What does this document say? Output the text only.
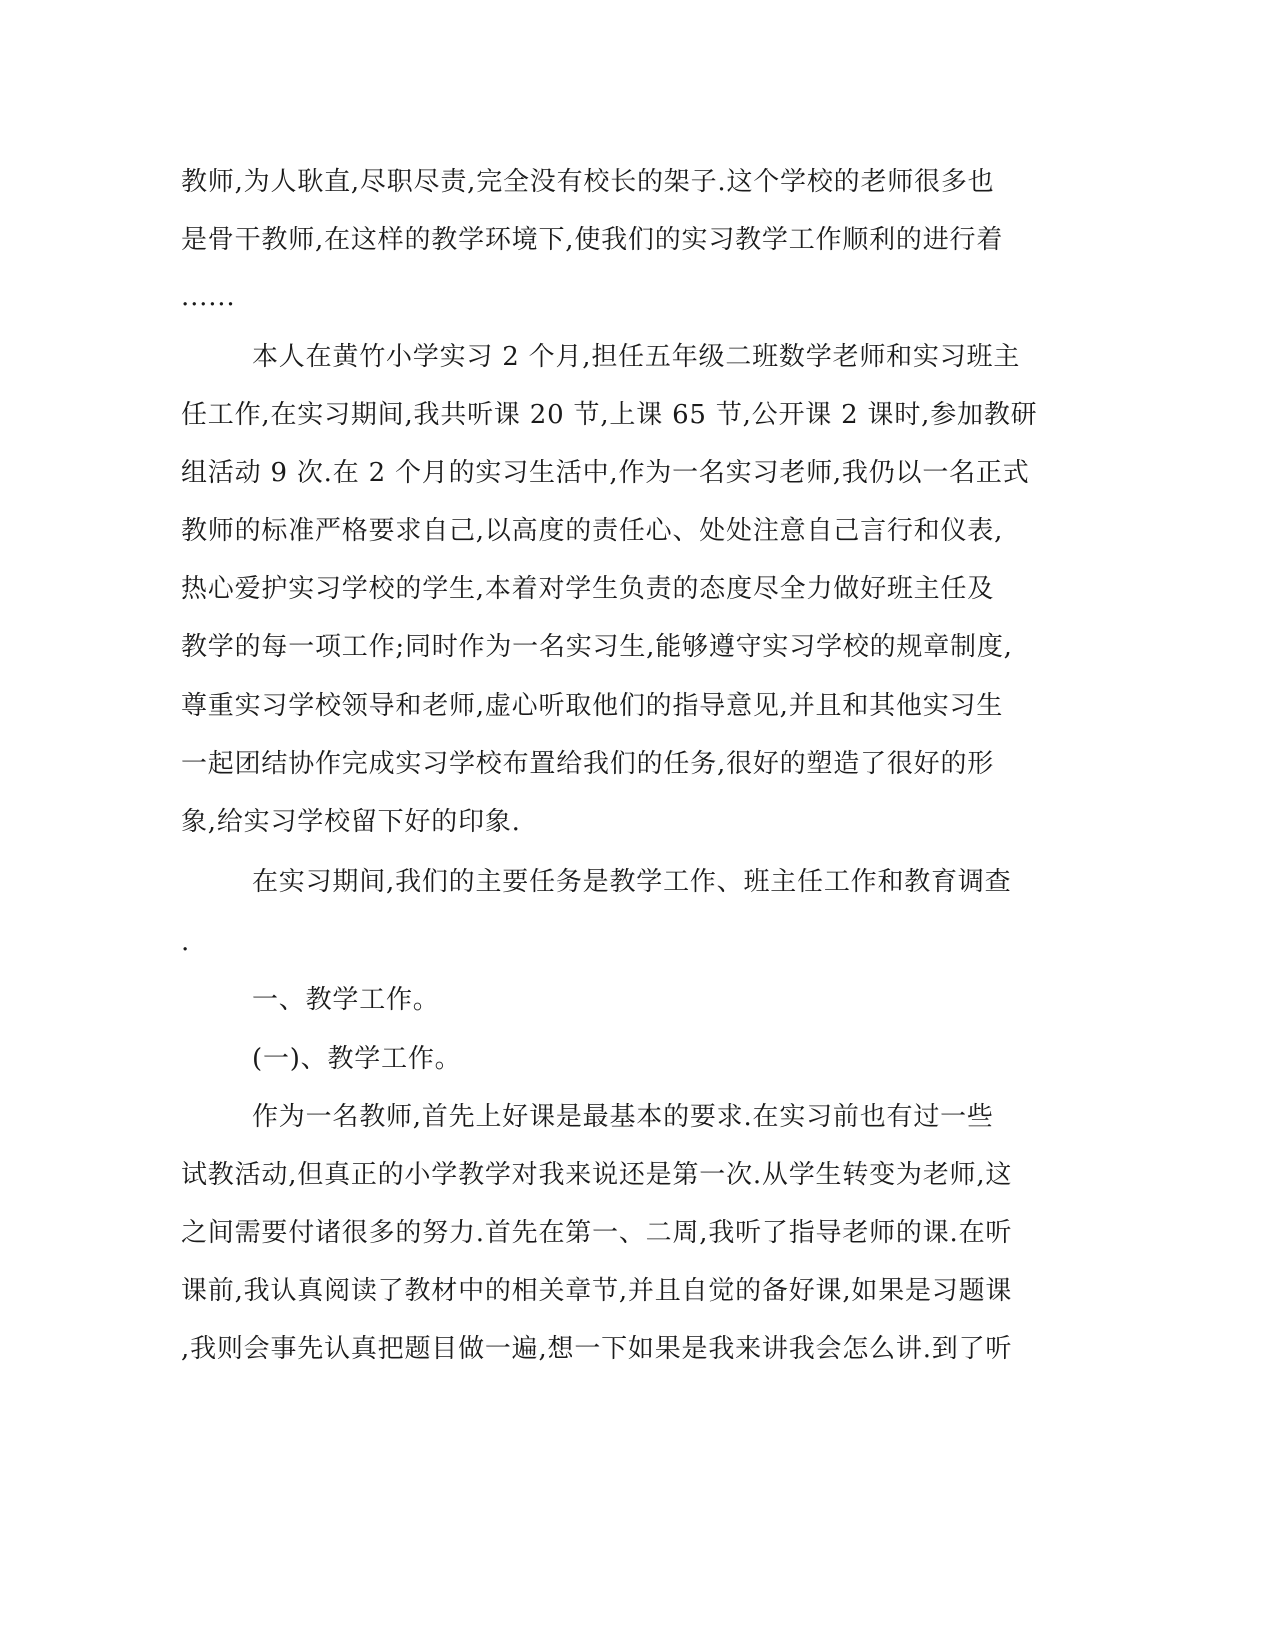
教师,为人耿直,尽职尽责,完全没有校长的架子.这个学校的老师很多也
是骨干教师,在这样的教学环境下,使我们的实习教学工作顺利的进行着
......
本人在黄竹小学实习 2 个月,担任五年级二班数学老师和实习班主
任工作,在实习期间,我共听课 20 节,上课 65 节,公开课 2 课时,参加教研
组活动 9 次.在 2 个月的实习生活中,作为一名实习老师,我仍以一名正式
教师的标准严格要求自己,以高度的责任心、处处注意自己言行和仪表,
热心爱护实习学校的学生,本着对学生负责的态度尽全力做好班主任及
教学的每一项工作;同时作为一名实习生,能够遵守实习学校的规章制度,
尊重实习学校领导和老师,虚心听取他们的指导意见,并且和其他实习生
一起团结协作完成实习学校布置给我们的任务,很好的塑造了很好的形
象,给实习学校留下好的印象.
在实习期间,我们的主要任务是教学工作、班主任工作和教育调查
.
一、教学工作。
(一)、教学工作。
作为一名教师,首先上好课是最基本的要求.在实习前也有过一些
试教活动,但真正的小学教学对我来说还是第一次.从学生转变为老师,这
之间需要付诸很多的努力.首先在第一、二周,我听了指导老师的课.在听
课前,我认真阅读了教材中的相关章节,并且自觉的备好课,如果是习题课
,我则会事先认真把题目做一遍,想一下如果是我来讲我会怎么讲.到了听
